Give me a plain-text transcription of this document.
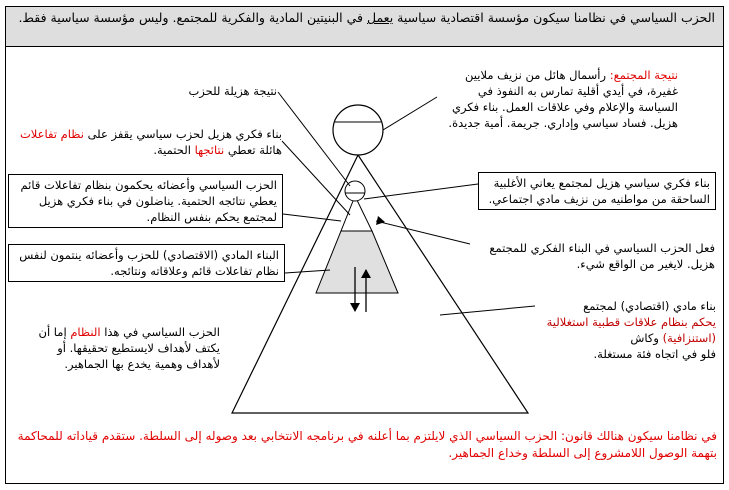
الحزب السياسي في نظامنا سيكون مؤسسة اقتصادية سياسية يعمل في البنيتين المادية والفكرية للمجتمع. وليس مؤسسة سياسية فقط.
نتيجة المجتمع: رأسمال هائل من نزيف ملايين غفيرة، في أيدي أقلية تمارس به النفوذ في السياسة والإعلام وفي علاقات العمل. بناء فكري هزيل. فساد سياسي وإداري. جريمة. أمية جديدة.
بناء فكري سياسي هزيل لمجتمع يعاني الأغلبية الساحقة من مواطنيه من نزيف مادي اجتماعي.
فعل الحزب السياسي في البناء الفكري للمجتمع هزيل. لايغير من الواقع شيء.
بناء مادي (اقتصادي) لمجتمع
يحكم بنظام علاقات قطبية استغلالية (استنزافية) وكاش
فلو في اتجاه فئة مستغلة.
نتيجة هزيلة للحزب
بناء فكري هزيل لحزب سياسي يقفز على نظام تفاعلات هائلة تعطي نتائجها الحتمية.
الحزب السياسي وأعضائه يحكمون بنظام تفاعلات قائم يعطي نتائجه الحتمية. يناضلون في بناء فكري هزيل لمجتمع يحكم بنفس النظام.
البناء المادي (الاقتصادي) للحزب وأعضائه ينتمون لنفس نظام تفاعلات قائم وعلاقاته ونتائجه.
الحزب السياسي في هذا النظام إما أن يكتف لأهداف لايستطيع تحقيقها. أو لأهداف وهمية يخدع بها الجماهير.
في نظامنا سيكون هنالك قانون: الحزب السياسي الذي لايلتزم بما أعلنه في برنامجه الانتخابي بعد وصوله إلى السلطة. ستقدم قياداته للمحاكمة بتهمة الوصول اللامشروع إلى السلطة وخداع الجماهير.
